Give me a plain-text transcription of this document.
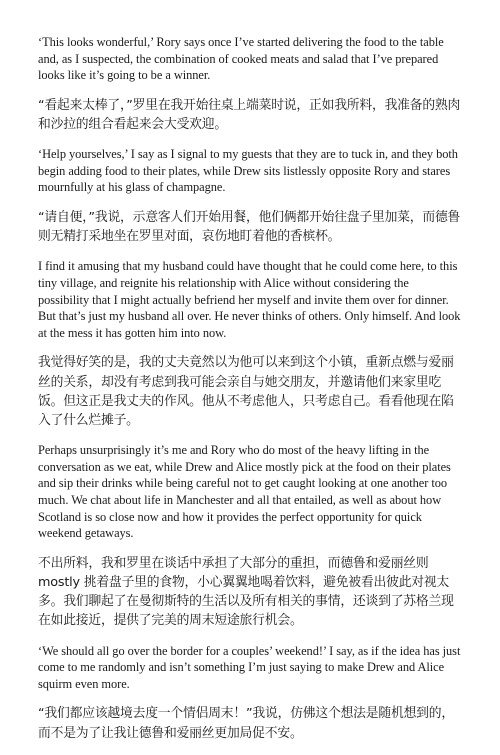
‘This looks wonderful,’ Rory says once I’ve started delivering the food to the table and, as I suspected, the combination of cooked meats and salad that I’ve prepared looks like it’s going to be a winner.

“看起来太棒了，”罗里在我开始往桌上端菜时说，正如我所料，我准备的熟肉和沙拉的组合看起来会大受欢迎。

‘Help yourselves,’ I say as I signal to my guests that they are to tuck in, and they both begin adding food to their plates, while Drew sits listlessly opposite Rory and stares mournfully at his glass of champagne.

“请自便，”我说，示意客人们开始用餐，他们俩都开始往盘子里加菜，而德鲁则无精打采地坐在罗里对面，哀伤地盯着他的香槟杯。

I find it amusing that my husband could have thought that he could come here, to this tiny village, and reignite his relationship with Alice without considering the possibility that I might actually befriend her myself and invite them over for dinner. But that’s just my husband all over. He never thinks of others. Only himself. And look at the mess it has gotten him into now.

我觉得好笑的是，我的丈夫竟然以为他可以来到这个小镇，重新点燃与爱丽丝的关系，却没有考虑到我可能会亲自与她交朋友，并邀请他们来家里吃饭。但这正是我丈夫的作风。他从不考虑他人，只考虑自己。看看他现在陷入了什么烂摊子。

Perhaps unsurprisingly it’s me and Rory who do most of the heavy lifting in the conversation as we eat, while Drew and Alice mostly pick at the food on their plates and sip their drinks while being careful not to get caught looking at one another too much. We chat about life in Manchester and all that entailed, as well as about how Scotland is so close now and how it provides the perfect opportunity for quick weekend getaways.

不出所料，我和罗里在谈话中承担了大部分的重担，而德鲁和爱丽丝则mostly 挑着盘子里的食物，小心翼翼地喝着饮料，避免被看出彼此对视太多。我们聊起了在曼彻斯特的生活以及所有相关的事情，还谈到了苏格兰现在如此接近，提供了完美的周末短途旅行机会。

‘We should all go over the border for a couples’ weekend!’ I say, as if the idea has just come to me randomly and isn’t something I’m just saying to make Drew and Alice squirm even more.

“我们都应该越境去度一个情侣周末！”我说，仿佛这个想法是随机想到的，而不是为了让我让德鲁和爱丽丝更加局促不安。
